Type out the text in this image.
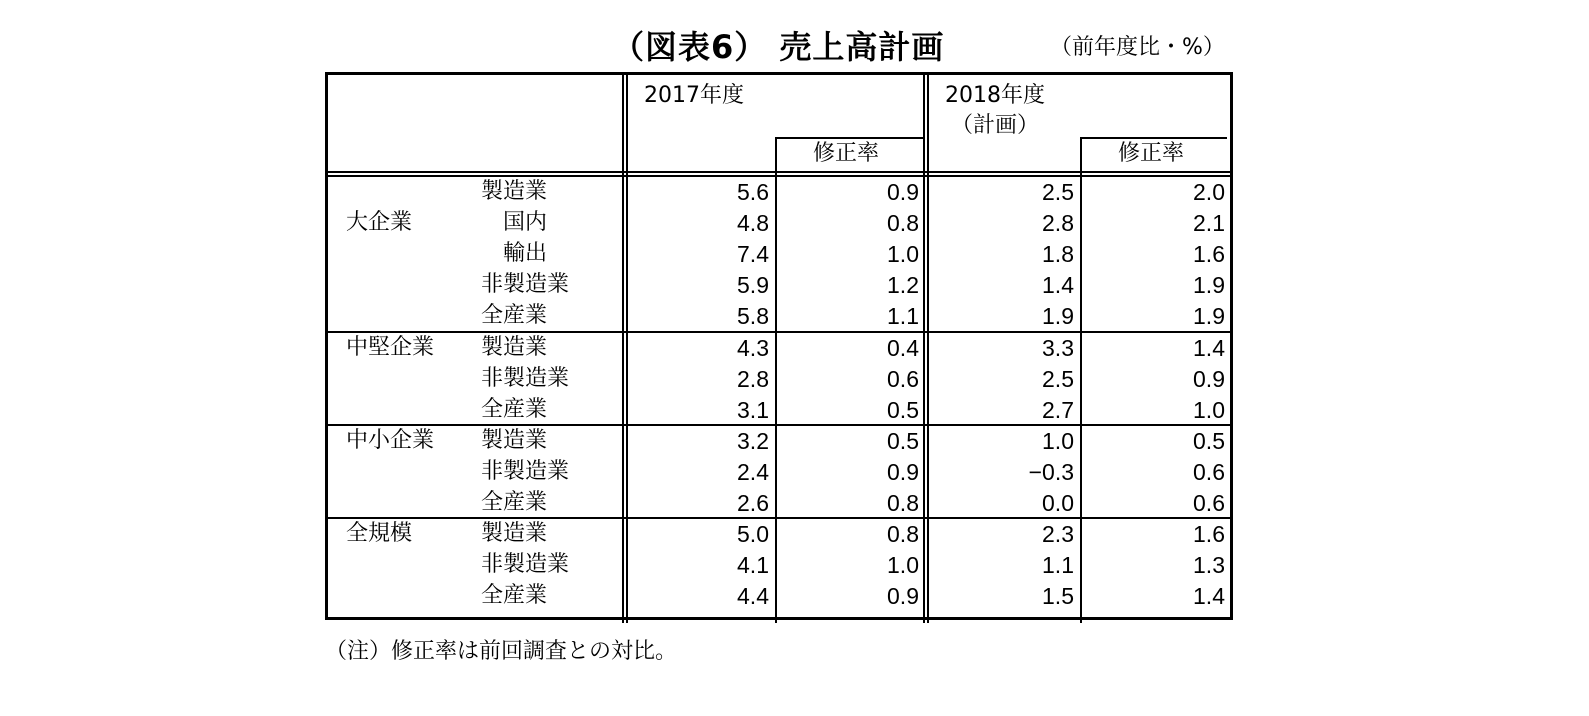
（図表6） 売上高計画	（前年度比・%）
2017年度
修正率
2018年度
（計画）
修正率
大企業
製造業	5.6	0.9	2.5	2.0
国内	4.8	0.8	2.8	2.1
輸出	7.4	1.0	1.8	1.6
非製造業	5.9	1.2	1.4	1.9
全産業	5.8	1.1	1.9	1.9
中堅企業 製造業	4.3	0.4	3.3	1.4
非製造業	2.8	0.6	2.5	0.9
全産業	3.1	0.5	2.7	1.0
中小企業 製造業	3.2	0.5	1.0	0.5
非製造業	2.4	0.9	−0.3	0.6
全産業	2.6	0.8	0.0	0.6
全規模	製造業	5.0	0.8	2.3	1.6
非製造業	4.1	1.0	1.1	1.3
全産業	4.4	0.9	1.5	1.4
（注）修正率は前回調査との対比。
